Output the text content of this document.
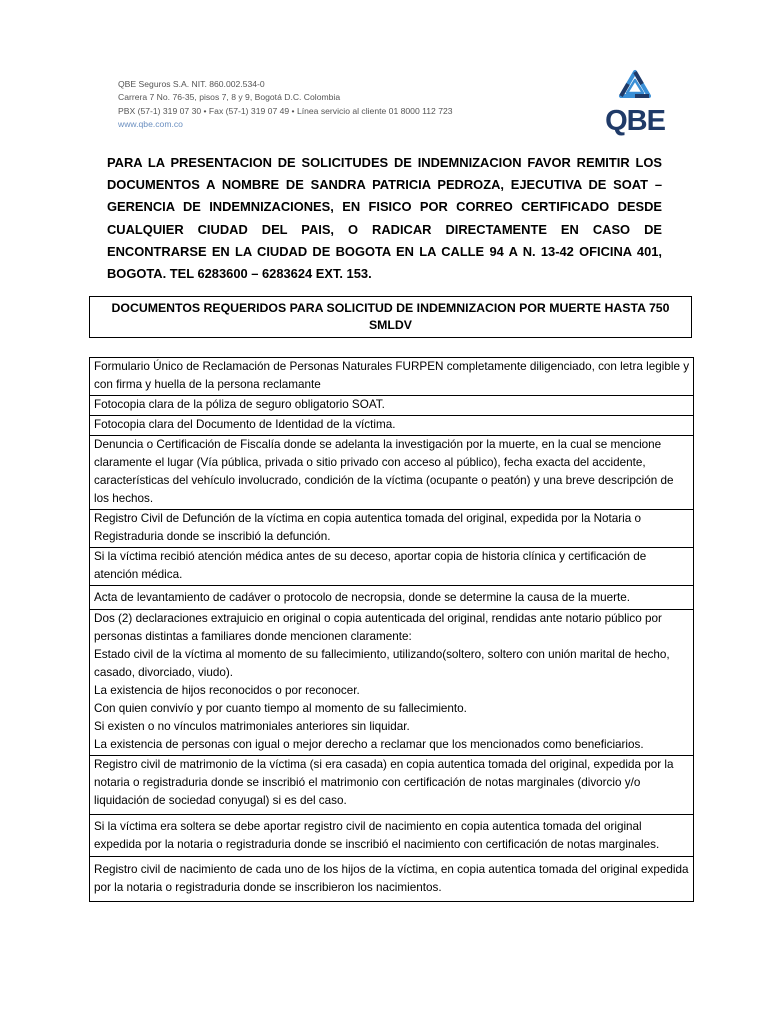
QBE Seguros S.A. NIT. 860.002.534-0
Carrera 7 No. 76-35, pisos 7, 8 y 9, Bogotá D.C. Colombia
PBX (57-1) 319 07 30 • Fax (57-1) 319 07 49 • Línea servicio al cliente 01 8000 112 723
www.qbe.com.co	QBE
PARA LA PRESENTACION DE SOLICITUDES DE INDEMNIZACION FAVOR REMITIR LOS DOCUMENTOS A NOMBRE DE SANDRA PATRICIA PEDROZA, EJECUTIVA DE SOAT – GERENCIA DE INDEMNIZACIONES, EN FISICO POR CORREO CERTIFICADO DESDE CUALQUIER CIUDAD DEL PAIS, O RADICAR DIRECTAMENTE EN CASO DE ENCONTRARSE EN LA CIUDAD DE BOGOTA EN LA CALLE 94 A N. 13-42 OFICINA 401, BOGOTA. TEL 6283600 – 6283624 EXT. 153.
DOCUMENTOS REQUERIDOS PARA SOLICITUD DE INDEMNIZACION POR MUERTE HASTA 750 SMLDV
Formulario Único de Reclamación de Personas Naturales FURPEN completamente diligenciado, con letra legible y con firma y huella de la persona reclamante
Fotocopia clara de la póliza de seguro obligatorio SOAT.
Fotocopia clara del Documento de Identidad de la víctima.
Denuncia o Certificación de Fiscalía donde se adelanta la investigación por la muerte, en la cual se mencione claramente el lugar (Vía pública, privada o sitio privado con acceso al público), fecha exacta del accidente, características del vehículo involucrado, condición de la víctima (ocupante o peatón) y una breve descripción de los hechos.
Registro Civil de Defunción de la víctima en copia autentica tomada del original, expedida por la Notaria o Registraduria donde se inscribió la defunción.
Si la víctima recibió atención médica antes de su deceso, aportar copia de historia clínica y certificación de atención médica.
Acta de levantamiento de cadáver o protocolo de necropsia, donde se determine la causa de la muerte.

Dos (2) declaraciones extrajuicio en original o copia autenticada del original, rendidas ante notario público por personas distintas a familiares donde mencionen claramente:
Estado civil de la víctima al momento de su fallecimiento, utilizando(soltero, soltero con unión marital de hecho, casado, divorciado, viudo).
La existencia de hijos reconocidos o por reconocer.
Con quien convivío y por cuanto tiempo al momento de su fallecimiento.
Si existen o no vínculos matrimoniales anteriores sin liquidar.
La existencia de personas con igual o mejor derecho a reclamar que los mencionados como beneficiarios.

Registro civil de matrimonio de la víctima (si era casada) en copia autentica tomada del original, expedida por la notaria o registraduria donde se inscribió el matrimonio con certificación de notas marginales (divorcio y/o liquidación de sociedad conyugal) si es del caso.
Si la víctima era soltera se debe aportar registro civil de nacimiento en copia autentica tomada del original expedida por la notaria o registraduria donde se inscribió el nacimiento con certificación de notas marginales.
Registro civil de nacimiento de cada uno de los hijos de la víctima, en copia autentica tomada del original expedida por la notaria o registraduria donde se inscribieron los nacimientos.
